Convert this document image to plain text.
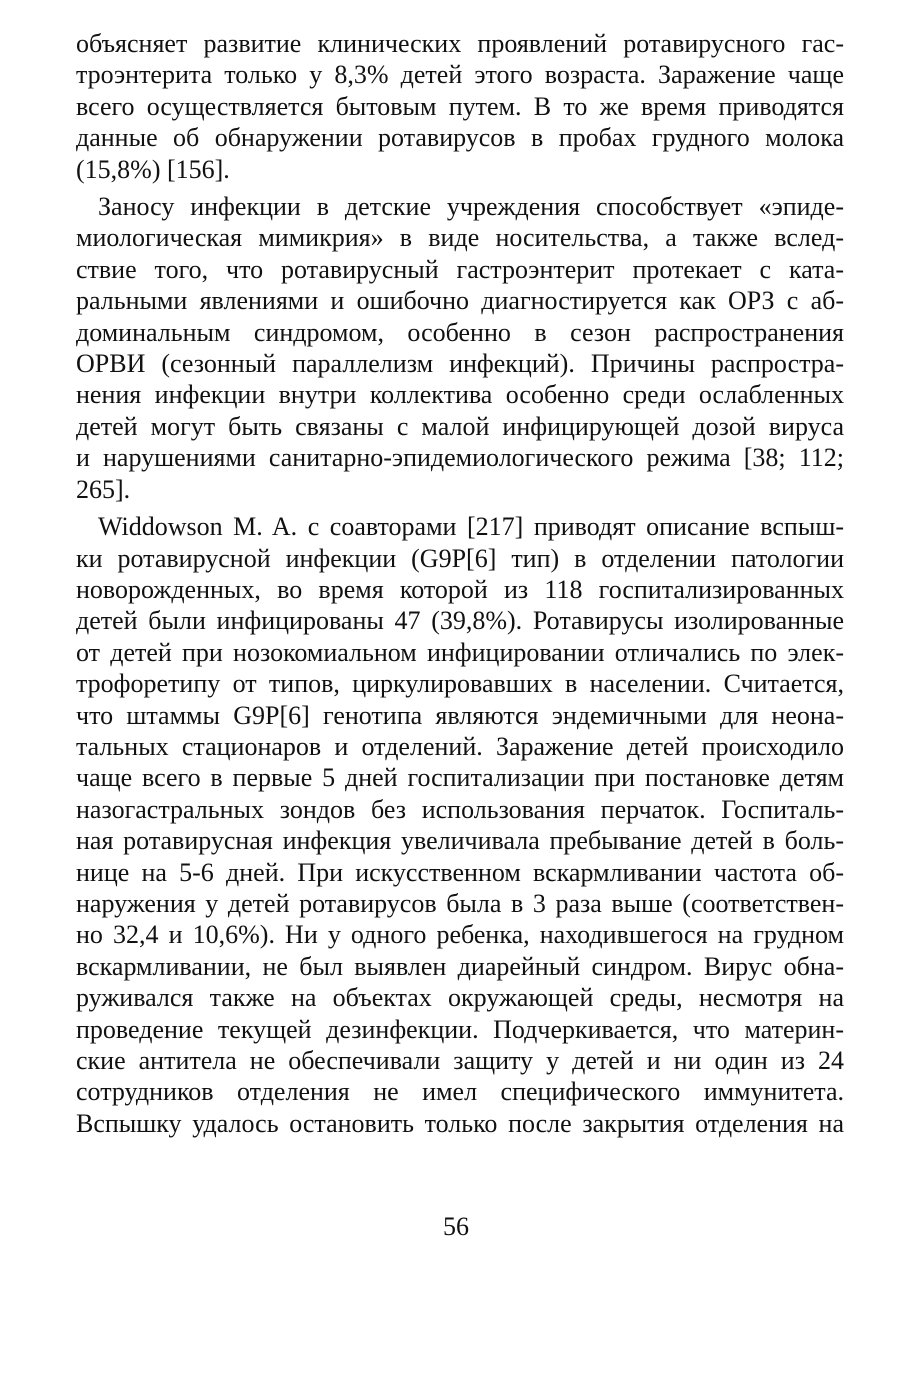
объясняет развитие клинических проявлений ротавирусного гас-
троэнтерита только у 8,3% детей этого возраста. Заражение чаще
всего осуществляется бытовым путем. В то же время приводятся
данные об обнаружении ротавирусов в пробах грудного молока
(15,8%) [156].

Заносу инфекции в детские учреждения способствует «эпиде-
миологическая мимикрия» в виде носительства, а также вслед-
ствие того, что ротавирусный гастроэнтерит протекает с ката-
ральными явлениями и ошибочно диагностируется как ОРЗ с аб-
доминальным синдромом, особенно в сезон распространения
ОРВИ (сезонный параллелизм инфекций). Причины распростра-
нения инфекции внутри коллектива особенно среди ослабленных
детей могут быть связаны с малой инфицирующей дозой вируса
и нарушениями санитарно-эпидемиологического режима [38; 112;
265].

Widdowson M. A. с соавторами [217] приводят описание вспыш-
ки ротавирусной инфекции (G9P[6] тип) в отделении патологии
новорожденных, во время которой из 118 госпитализированных
детей были инфицированы 47 (39,8%). Ротавирусы изолированные
от детей при нозокомиальном инфицировании отличались по элек-
трофоретипу от типов, циркулировавших в населении. Считается,
что штаммы G9P[6] генотипа являются эндемичными для неона-
тальных стационаров и отделений. Заражение детей происходило
чаще всего в первые 5 дней госпитализации при постановке детям
назогастральных зондов без использования перчаток. Госпиталь-
ная ротавирусная инфекция увеличивала пребывание детей в боль-
нице на 5-6 дней. При искусственном вскармливании частота об-
наружения у детей ротавирусов была в 3 раза выше (соответствен-
но 32,4 и 10,6%). Ни у одного ребенка, находившегося на грудном
вскармливании, не был выявлен диарейный синдром. Вирус обна-
руживался также на объектах окружающей среды, несмотря на
проведение текущей дезинфекции. Подчеркивается, что материн-
ские антитела не обеспечивали защиту у детей и ни один из 24
сотрудников отделения не имел специфического иммунитета.
Вспышку удалось остановить только после закрытия отделения на

56
